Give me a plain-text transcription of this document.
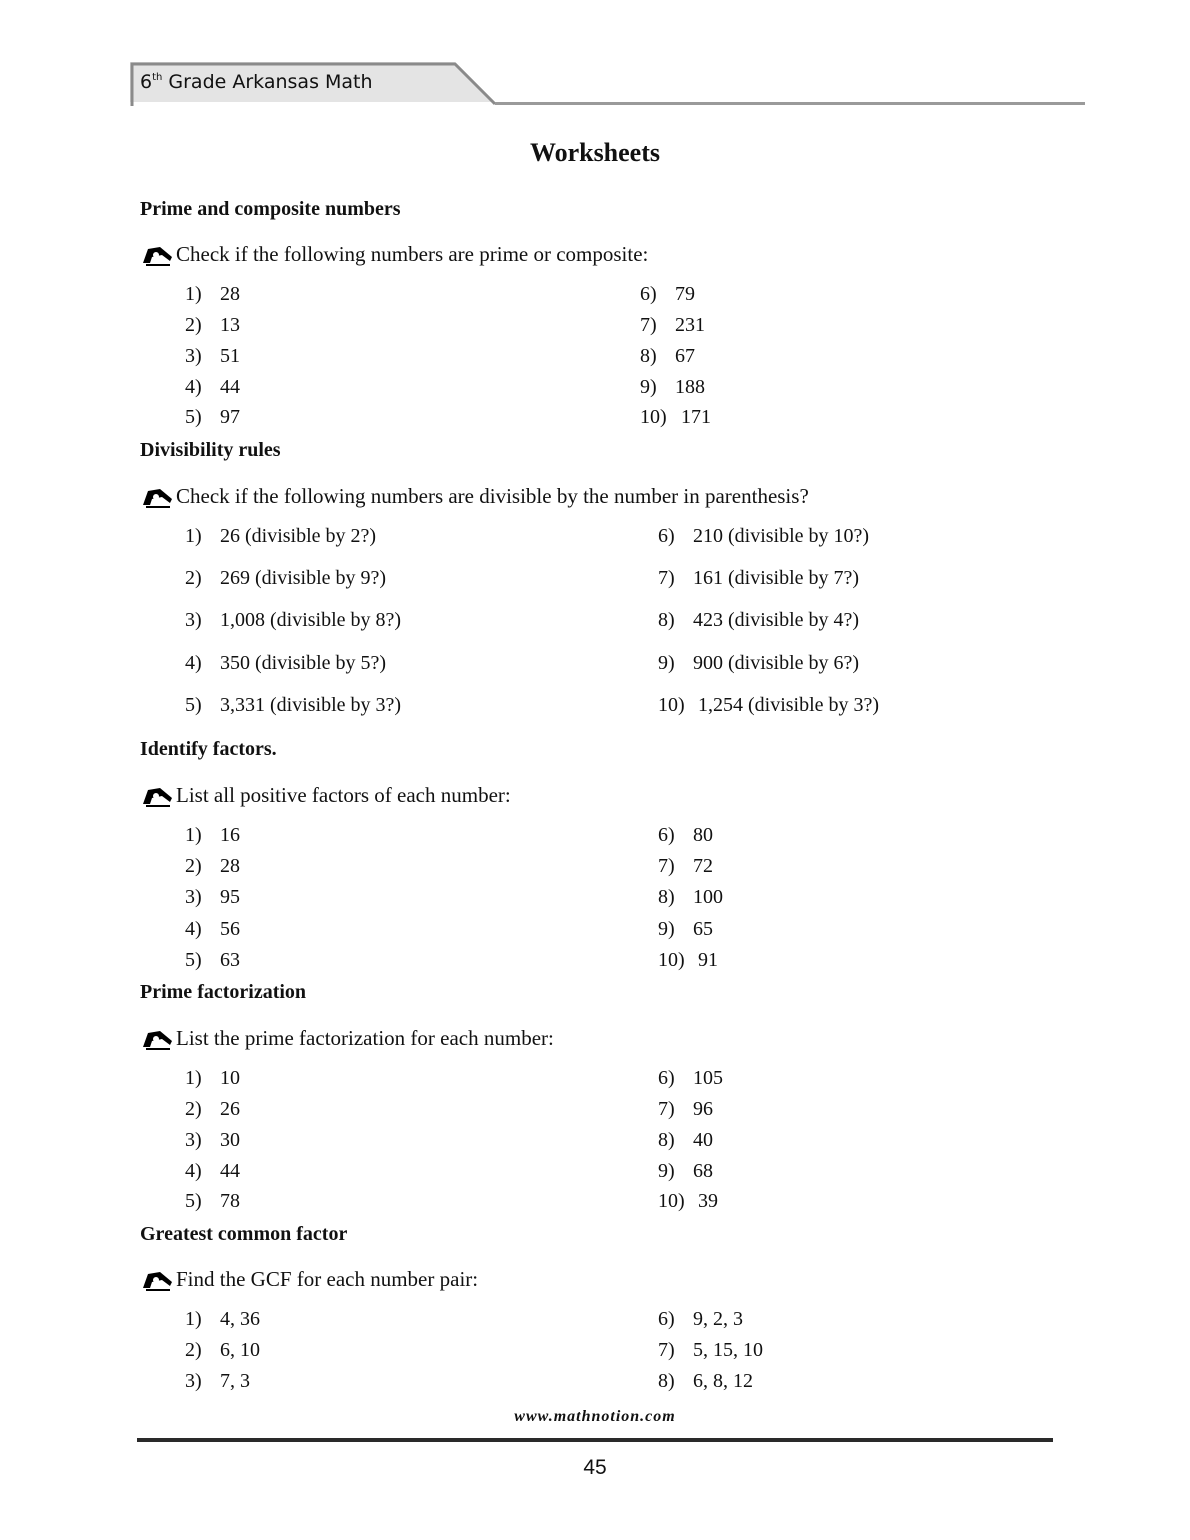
6th Grade Arkansas Math
Worksheets
Prime and composite numbers
Check if the following numbers are prime or composite:
1) 28
2) 13
3) 51
4) 44
5) 97
6) 79
7) 231
8) 67
9) 188
10) 171
Divisibility rules
Check if the following numbers are divisible by the number in parenthesis?
1) 26 (divisible by 2?)
2) 269 (divisible by 9?)
3) 1,008 (divisible by 8?)
4) 350 (divisible by 5?)
5) 3,331 (divisible by 3?)
6) 210 (divisible by 10?)
7) 161 (divisible by 7?)
8) 423 (divisible by 4?)
9) 900 (divisible by 6?)
10) 1,254 (divisible by 3?)
Identify factors.
List all positive factors of each number:
1) 16
2) 28
3) 95
4) 56
5) 63
6) 80
7) 72
8) 100
9) 65
10) 91
Prime factorization
List the prime factorization for each number:
1) 10
2) 26
3) 30
4) 44
5) 78
6) 105
7) 96
8) 40
9) 68
10) 39
Greatest common factor
Find the GCF for each number pair:
1) 4, 36
2) 6, 10
3) 7, 3
6) 9, 2, 3
7) 5, 15, 10
8) 6, 8, 12
www.mathnotion.com
45
